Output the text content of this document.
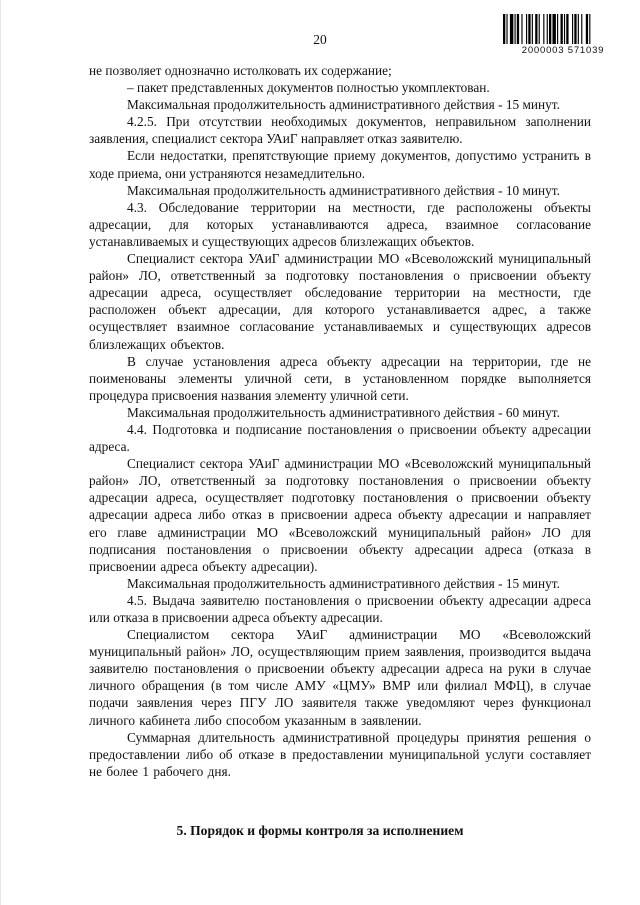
20
2000003 571039

не позволяет однозначно истолковать их содержание;

– пакет представленных документов полностью укомплектован.

Максимальная продолжительность административного действия - 15 минут.

4.2.5. При отсутствии необходимых документов, неправильном заполнении заявления, специалист сектора УАиГ направляет отказ заявителю.

Если недостатки, препятствующие приему документов, допустимо устранить в ходе приема, они устраняются незамедлительно.

Максимальная продолжительность административного действия - 10 минут.

4.3. Обследование территории на местности, где расположены объекты адресации, для которых устанавливаются адреса, взаимное согласование устанавливаемых и существующих адресов близлежащих объектов.

Специалист сектора УАиГ администрации МО «Всеволожский муниципальный район» ЛО, ответственный за подготовку постановления о присвоении объекту адресации адреса, осуществляет обследование территории на местности, где расположен объект адресации, для которого устанавливается адрес, а также осуществляет взаимное согласование устанавливаемых и существующих адресов близлежащих объектов.

В случае установления адреса объекту адресации на территории, где не поименованы элементы уличной сети, в установленном порядке выполняется процедура присвоения названия элементу уличной сети.

Максимальная продолжительность административного действия - 60 минут.

4.4. Подготовка и подписание постановления о присвоении объекту адресации адреса.

Специалист сектора УАиГ администрации МО «Всеволожский муниципальный район» ЛО, ответственный за подготовку постановления о присвоении объекту адресации адреса, осуществляет подготовку постановления о присвоении объекту адресации адреса либо отказ в присвоении адреса объекту адресации и направляет его главе администрации МО «Всеволожский муниципальный район» ЛО для подписания постановления о присвоении объекту адресации адреса (отказа в присвоении адреса объекту адресации).

Максимальная продолжительность административного действия - 15 минут.

4.5. Выдача заявителю постановления о присвоении объекту адресации адреса или отказа в присвоении адреса объекту адресации.

Специалистом сектора УАиГ администрации МО «Всеволожский муниципальный район» ЛО, осуществляющим прием заявления, производится выдача заявителю постановления о присвоении объекту адресации адреса на руки в случае личного обращения (в том числе АМУ «ЦМУ» ВМР или филиал МФЦ), в случае подачи заявления через ПГУ ЛО заявителя также уведомляют через функционал личного кабинета либо способом указанным в заявлении.

Суммарная длительность административной процедуры принятия решения о предоставлении либо об отказе в предоставлении муниципальной услуги составляет не более 1 рабочего дня.

5. Порядок и формы контроля за исполнением
